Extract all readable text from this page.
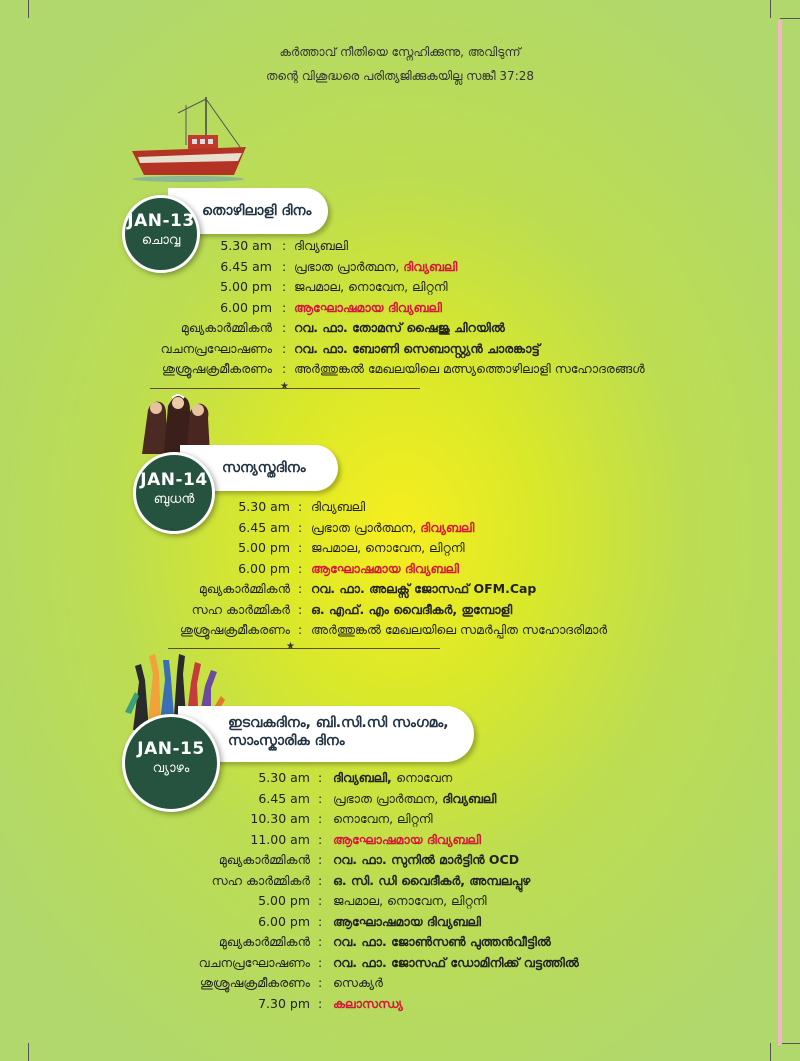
കർത്താവ് നീതിയെ സ്നേഹിക്കുന്നു, അവിടുന്ന്
തന്റെ വിശുദ്ധരെ പരിത്യജിക്കുകയില്ല സങ്കീ 37:28
തൊഴിലാളി ദിനം
JAN-13
ചൊവ്വ	5.30 am : ദിവ്യബലി
6.45 am : പ്രഭാത പ്രാർത്ഥന, ദിവ്യബലി
5.00 pm : ജപമാല, നൊവേന, ലിറ്റനി
6.00 pm : ആഘോഷമായ ദിവ്യബലി
മുഖ്യകാർമ്മികൻ : റവ. ഫാ. തോമസ് ഷൈജു ചിറയിൽ
വചനപ്രഘോഷണം : റവ. ഫാ. ബോണി സെബാസ്റ്റ്യൻ ചാരങ്കാട്ട്
ശുശ്രൂഷക്രമീകരണം : അർത്തുങ്കൽ മേഖലയിലെ മത്സ്യത്തൊഴിലാളി സഹോദരങ്ങൾ
★
സന്യസ്തദിനം
JAN-14
ബുധൻ	5.30 am : ദിവ്യബലി
6.45 am : പ്രഭാത പ്രാർത്ഥന, ദിവ്യബലി
5.00 pm : ജപമാല, നൊവേന, ലിറ്റനി
6.00 pm : ആഘോഷമായ ദിവ്യബലി
മുഖ്യകാർമ്മികൻ : റവ. ഫാ. അലക്സ് ജോസഫ് OFM.Cap
സഹ കാർമ്മികർ : ഒ. എഫ്. എം വൈദീകർ, തുമ്പോളി
ശുശ്രൂഷക്രമീകരണം : അർത്തുങ്കൽ മേഖലയിലെ സമർപ്പിത സഹോദരിമാർ
★
ഇടവകദിനം, ബി.സി.സി സംഗമം,
സാംസ്കാരിക ദിനം
JAN-15
വ്യാഴം
5.30 am : ദിവ്യബലി, നൊവേന
6.45 am : പ്രഭാത പ്രാർത്ഥന, ദിവ്യബലി
10.30 am : നൊവേന, ലിറ്റനി
11.00 am : ആഘോഷമായ ദിവ്യബലി
മുഖ്യകാർമ്മികൻ : റവ. ഫാ. സുനിൽ മാർട്ടിൻ OCD
സഹ കാർമ്മികർ : ഒ. സി. ഡി വൈദീകർ, അമ്പലപ്പുഴ
5.00 pm : ജപമാല, നൊവേന, ലിറ്റനി
6.00 pm : ആഘോഷമായ ദിവ്യബലി
മുഖ്യകാർമ്മികൻ : റവ. ഫാ. ജോൺസൺ പുത്തൻവീട്ടിൽ
വചനപ്രഘോഷണം : റവ. ഫാ. ജോസഫ് ഡോമിനിക്ക് വട്ടത്തിൽ
ശുശ്രൂഷക്രമീകരണം : സെക്യർ
7.30 pm : കലാസന്ധ്യ
